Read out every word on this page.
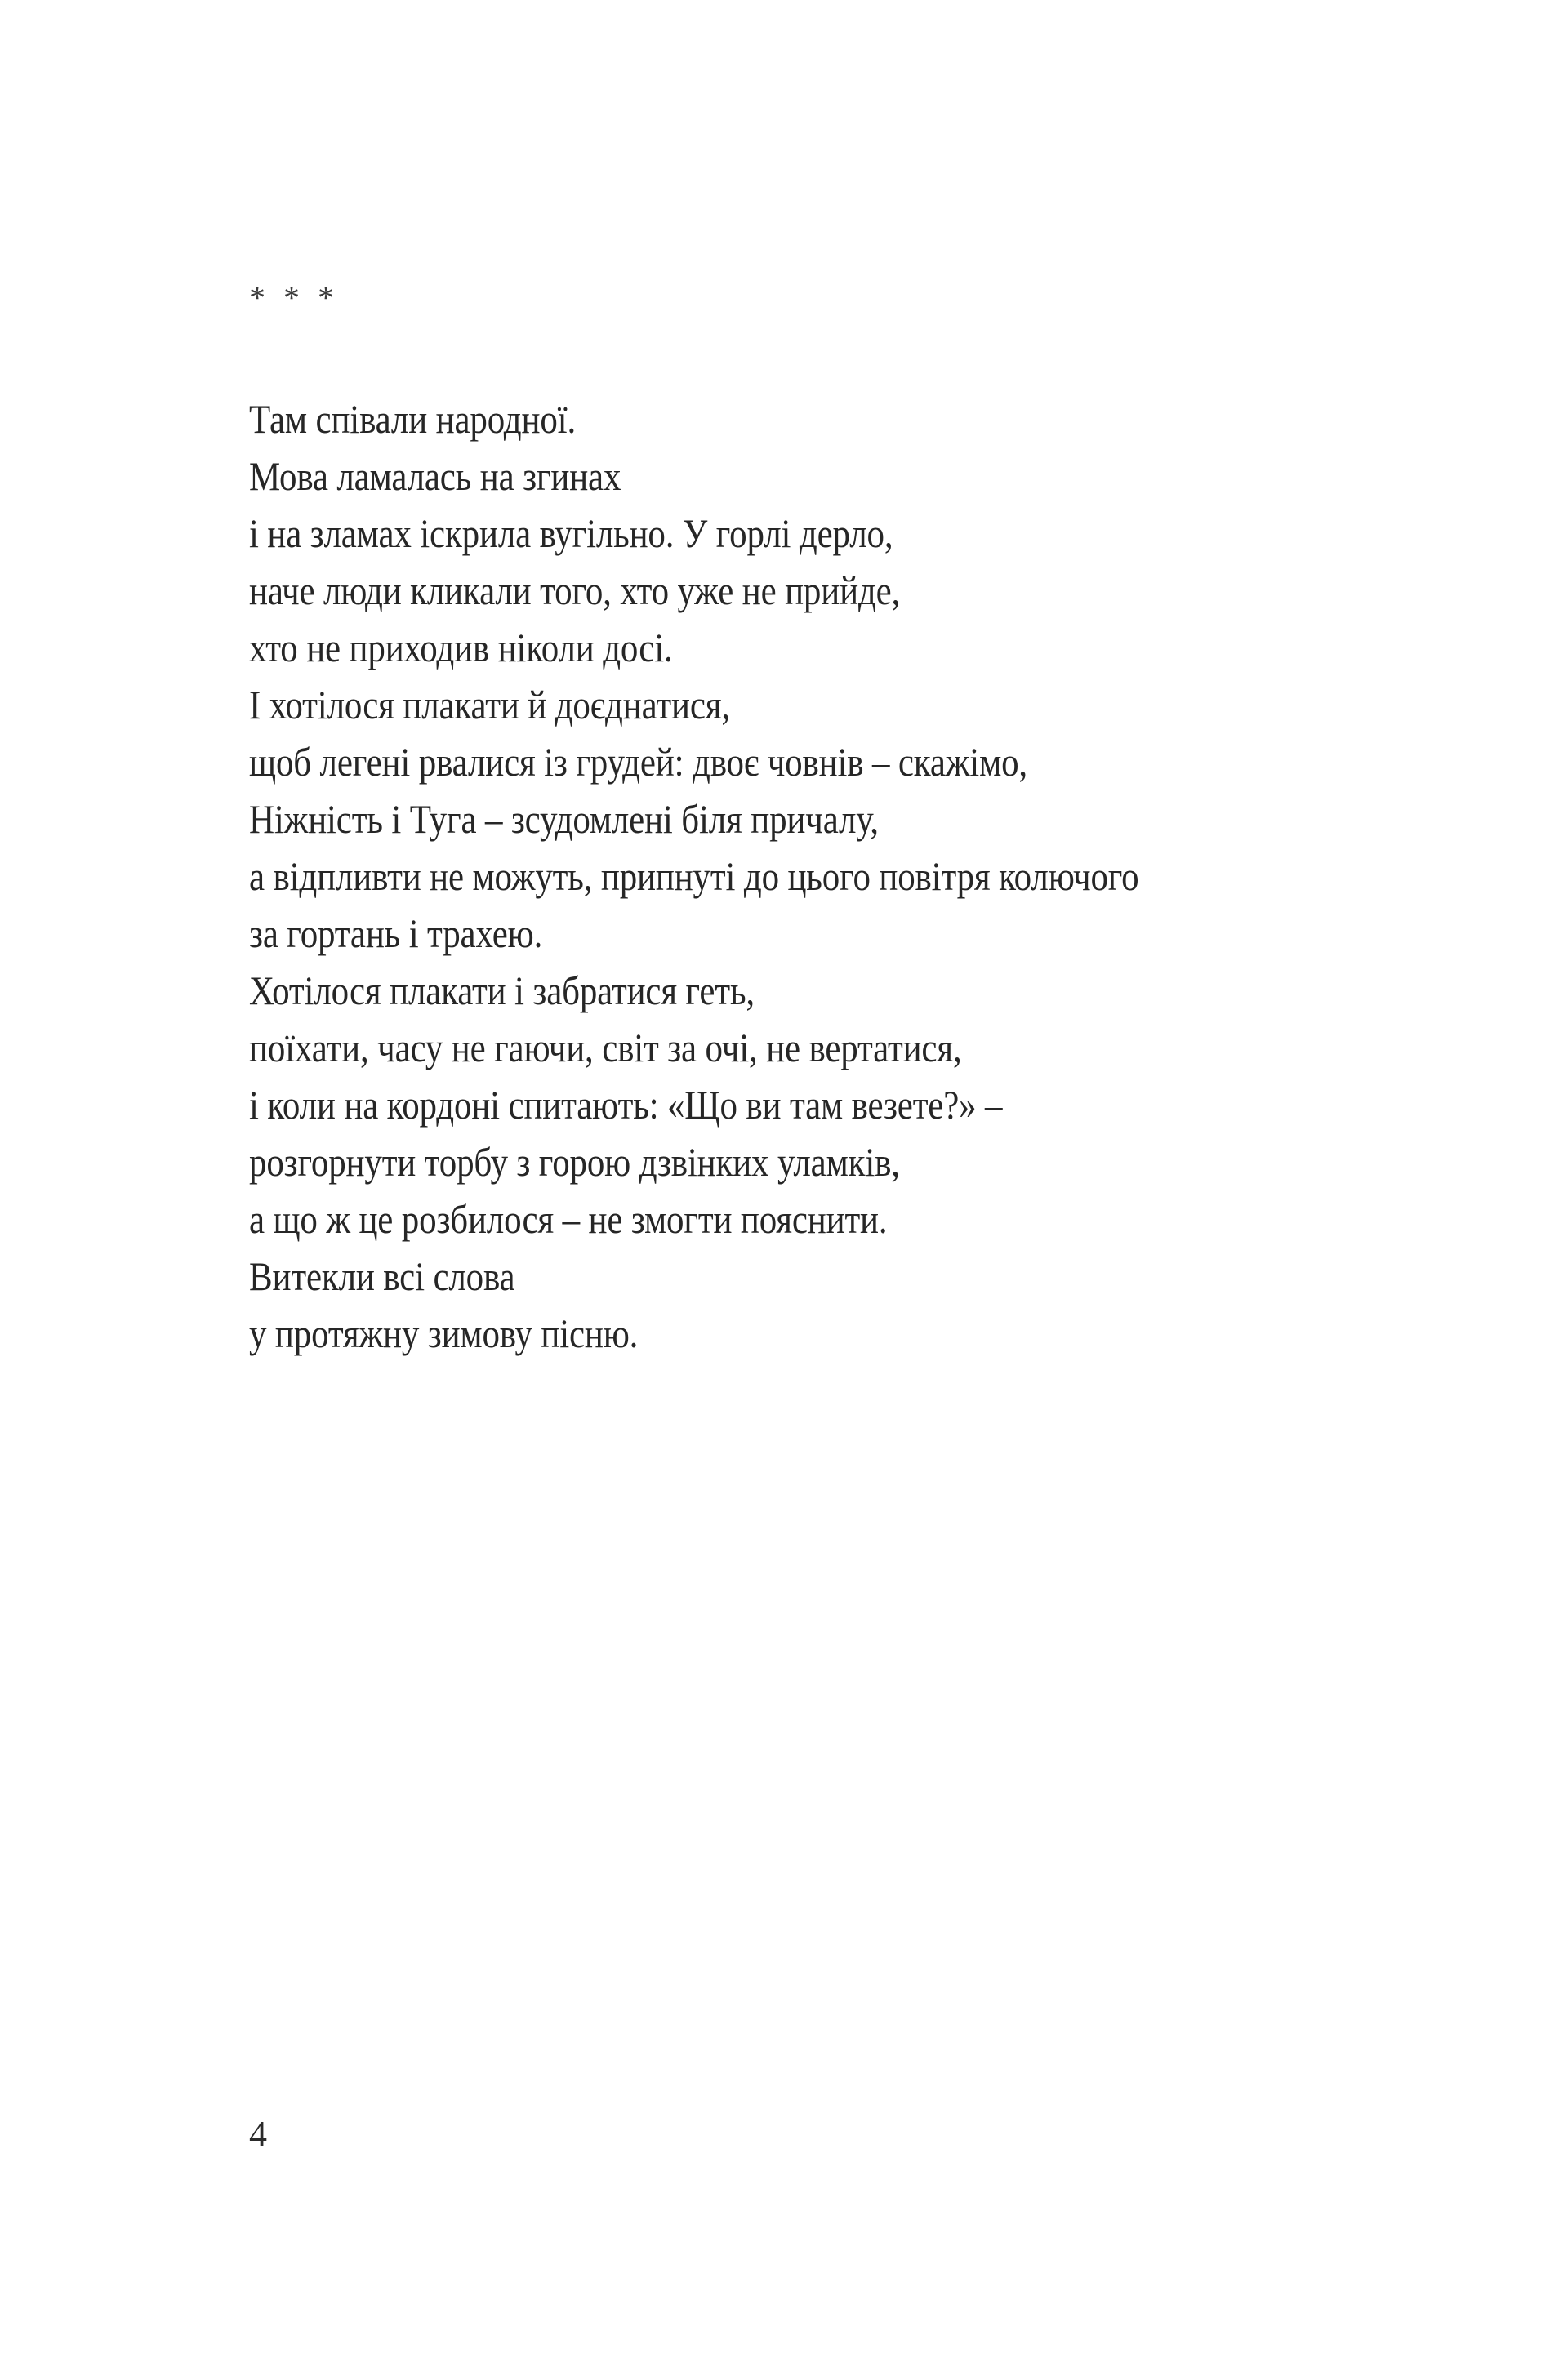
* * *
Там співали народної.
Мова ламалась на згинах
і на зламах іскрила вугільно. У горлі дерло,
наче люди кликали того, хто уже не прийде,
хто не приходив ніколи досі.
І хотілося плакати й доєднатися,
щоб легені рвалися із грудей: двоє човнів – скажімо,
Ніжність і Туга – зсудомлені біля причалу,
а відпливти не можуть, припнуті до цього повітря колючого
за гортань і трахею.
Хотілося плакати і забратися геть,
поїхати, часу не гаючи, світ за очі, не вертатися,
і коли на кордоні спитають: «Що ви там везете?» –
розгорнути торбу з горою дзвінких уламків,
а що ж це розбилося – не змогти пояснити.
Витекли всі слова
у протяжну зимову пісню.
4
